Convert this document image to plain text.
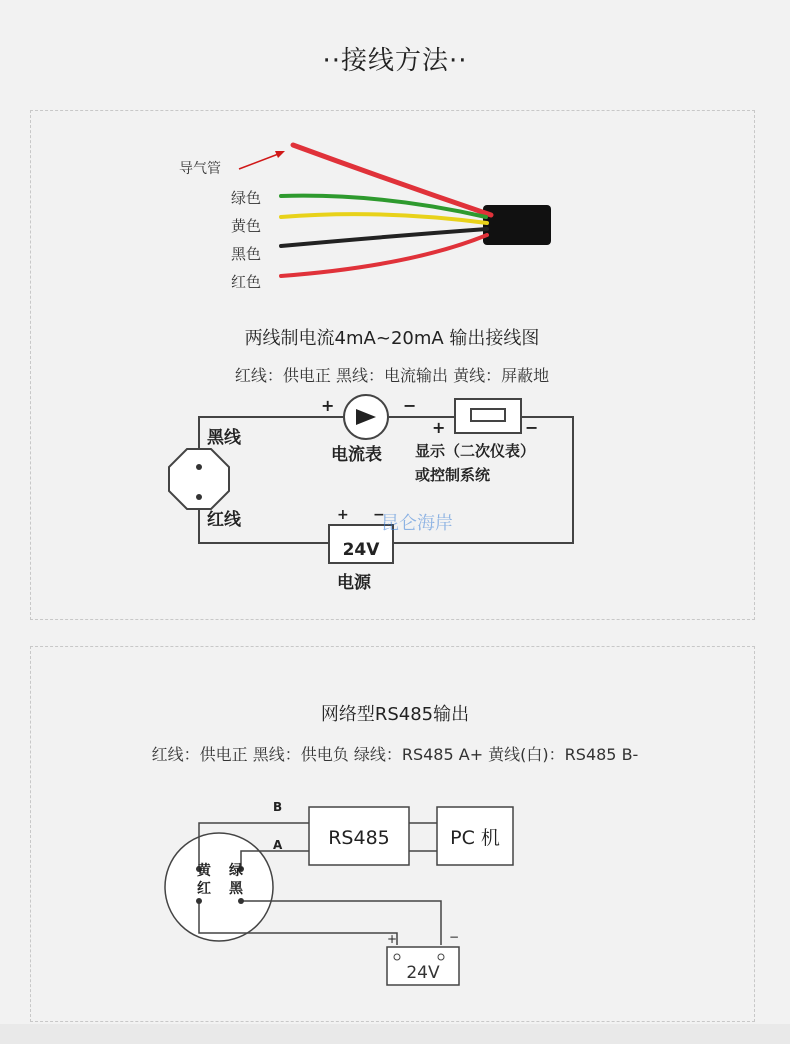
··接线方法··
导气管
绿色
黄色
黑色
红色
两线制电流4mA~20mA 输出接线图
红线：供电正 黑线：电流输出 黄线：屏蔽地
黑线
红线
+	−
电流表
+	−
显示（二次仪表）
或控制系统
+ −
24V
电源
昆仑海岸
网络型RS485输出
红线：供电正 黑线：供电负 绿线：RS485 A+ 黄线(白)：RS485 B-
黄 绿
红 黑
B
A RS485	PC 机
+	−
24V
